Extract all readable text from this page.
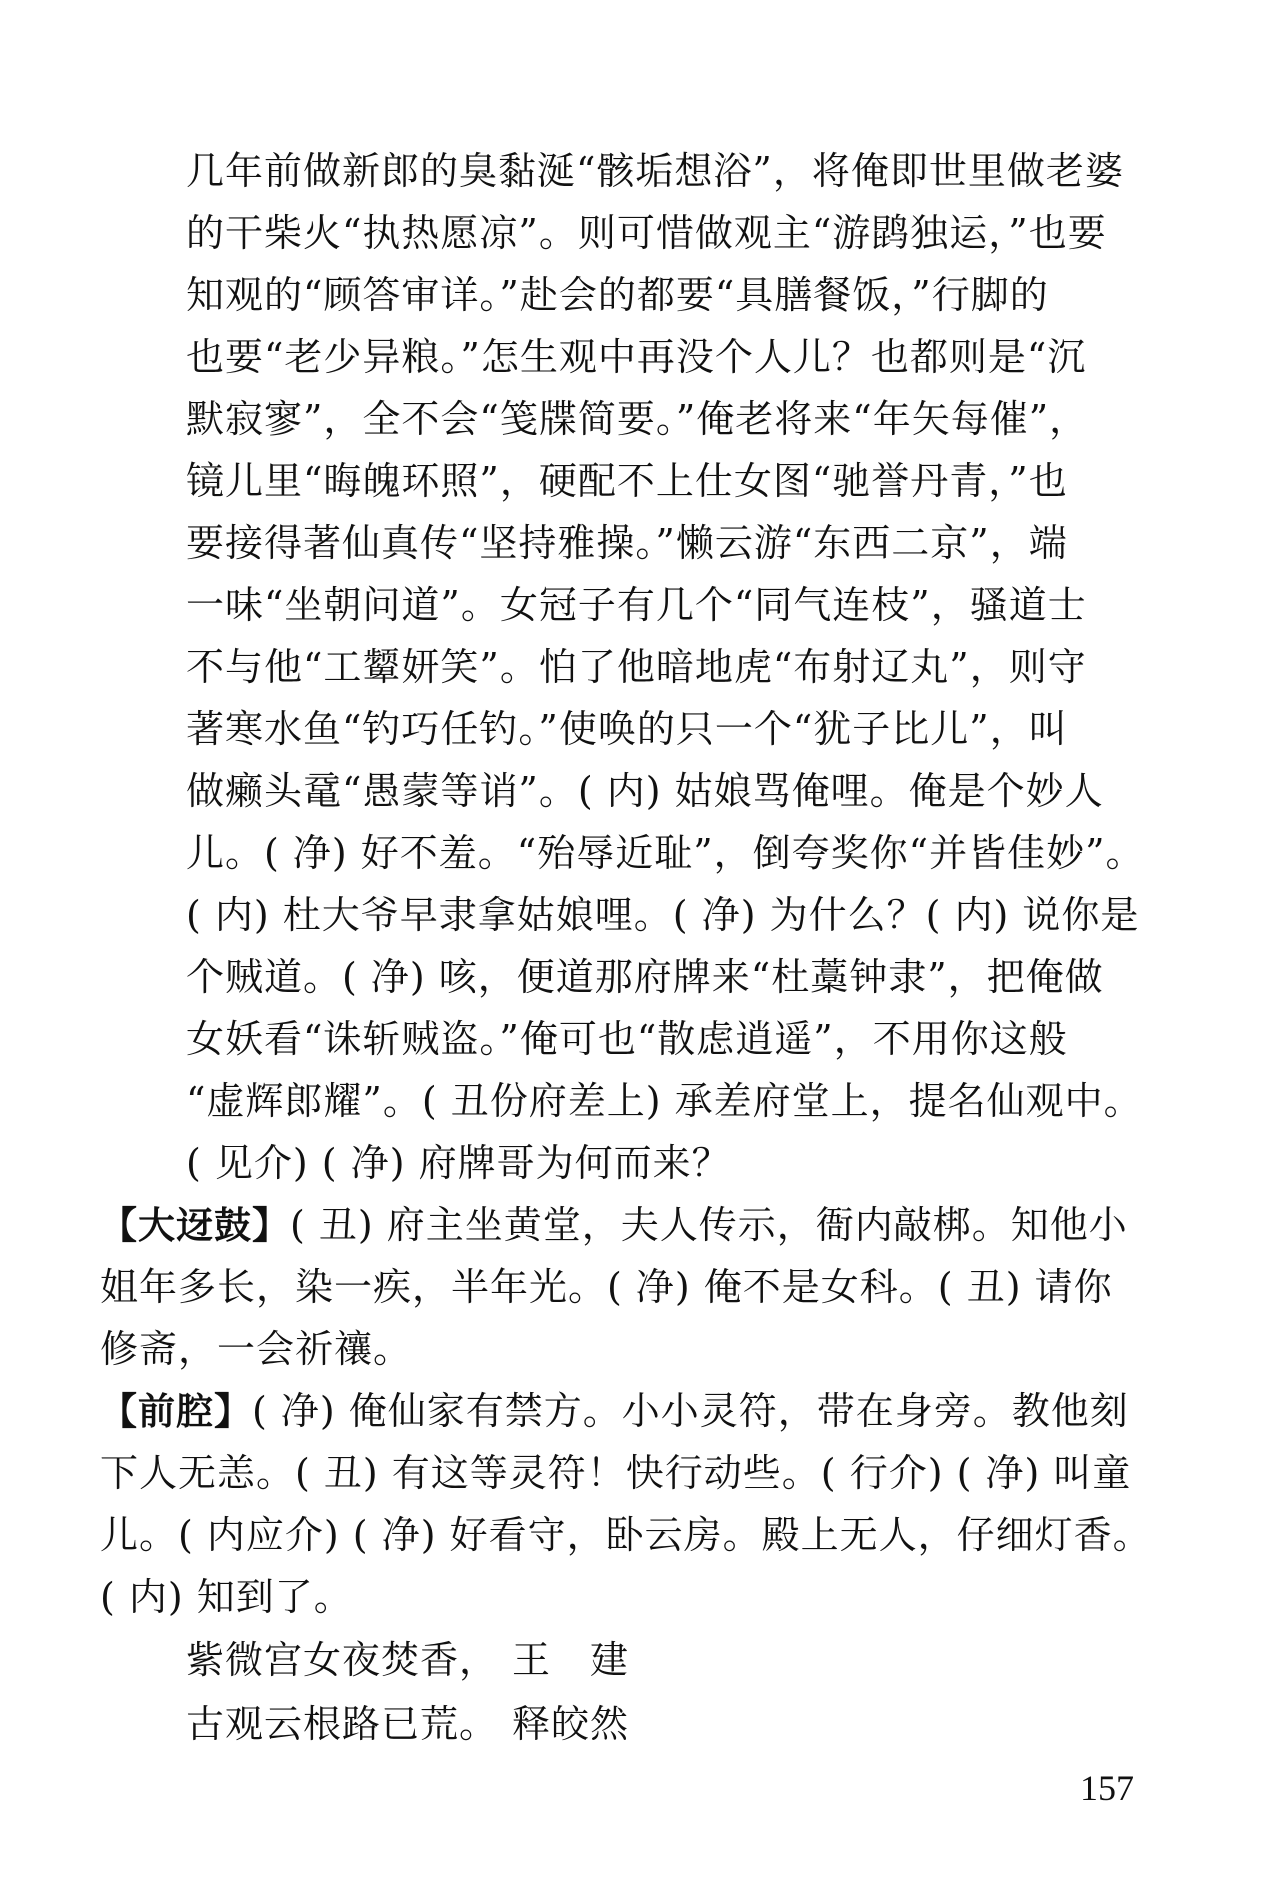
几年前做新郎的臭黏涎“骸垢想浴”，将俺即世里做老婆
的干柴火“执热愿凉”。则可惜做观主“游鹍独运，”也要
知观的“顾答审详。”赴会的都要“具膳餐饭，”行脚的
也要“老少异粮。”怎生观中再没个人儿？也都则是“沉
默寂寥”，全不会“笺牒简要。”俺老将来“年矢每催”，
镜儿里“晦魄环照”，硬配不上仕女图“驰誉丹青，”也
要接得著仙真传“坚持雅操。”懒云游“东西二京”，端
一味“坐朝问道”。女冠子有几个“同气连枝”，骚道士
不与他“工颦妍笑”。怕了他暗地虎“布射辽丸”，则守
著寒水鱼“钓巧任钓。”使唤的只一个“犹子比儿”，叫
做癞头鼋“愚蒙等诮”。( 内) 姑娘骂俺哩。俺是个妙人
儿。( 净) 好不羞。“殆辱近耻”，倒夸奖你“并皆佳妙”。
( 内) 杜大爷早隶拿姑娘哩。( 净) 为什么？( 内) 说你是
个贼道。( 净) 咳，便道那府牌来“杜藁钟隶”，把俺做
女妖看“诛斩贼盗。”俺可也“散虑逍遥”，不用你这般
“虚辉郎耀”。( 丑份府差上) 承差府堂上，提名仙观中。
( 见介) ( 净) 府牌哥为何而来？
【大迓鼓】( 丑) 府主坐黄堂，夫人传示，衙内敲梆。知他小
姐年多长，染一疾，半年光。( 净) 俺不是女科。( 丑) 请你
修斋，一会祈禳。
【前腔】( 净) 俺仙家有禁方。小小灵符，带在身旁。教他刻
下人无恙。( 丑) 有这等灵符！快行动些。( 行介) ( 净) 叫童
儿。( 内应介) ( 净) 好看守，卧云房。殿上无人，仔细灯香。
( 内) 知到了。
紫微宫女夜焚香， 王　建
古观云根路已荒。 释皎然
157
